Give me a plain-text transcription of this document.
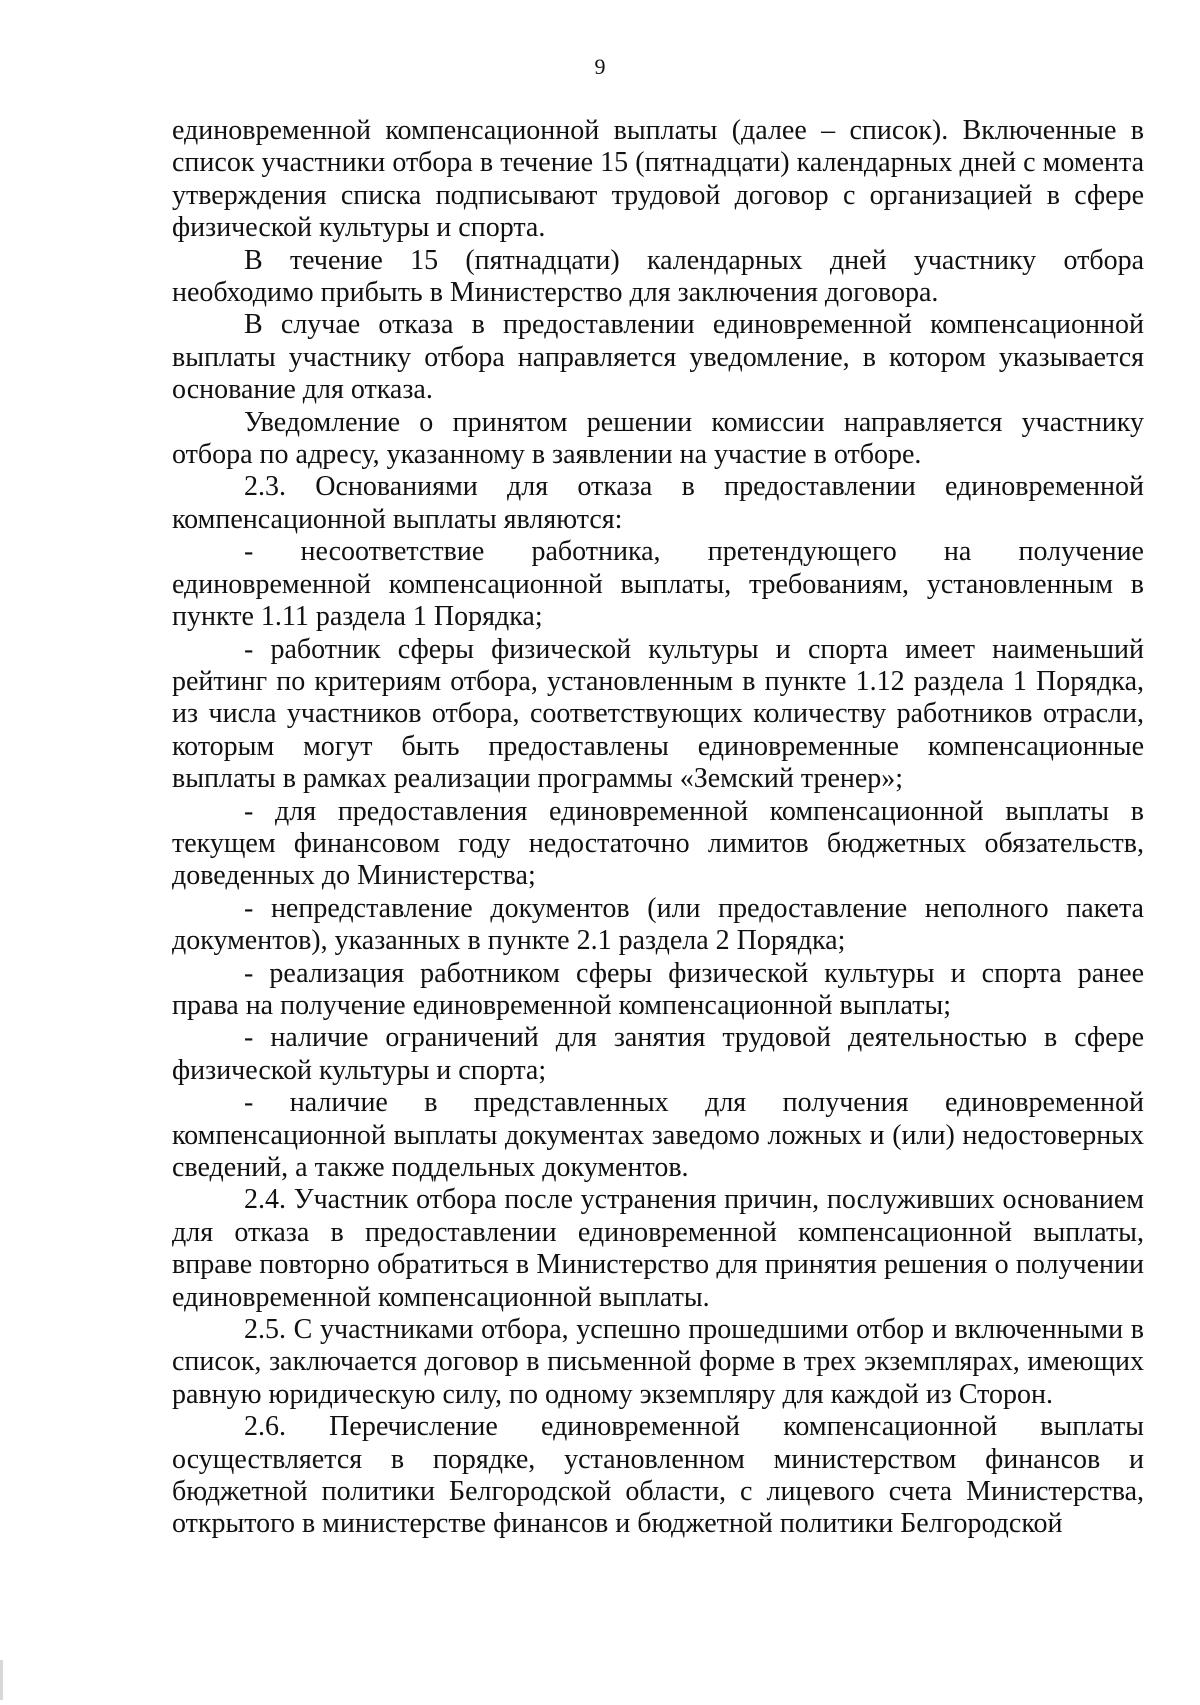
9

единовременной компенсационной выплаты (далее – список). Включенные в список участники отбора в течение 15 (пятнадцати) календарных дней с момента утверждения списка подписывают трудовой договор с организацией в сфере физической культуры и спорта.

В течение 15 (пятнадцати) календарных дней участнику отбора необходимо прибыть в Министерство для заключения договора.

В случае отказа в предоставлении единовременной компенсационной выплаты участнику отбора направляется уведомление, в котором указывается основание для отказа.

Уведомление о принятом решении комиссии направляется участнику отбора по адресу, указанному в заявлении на участие в отборе.

2.3. Основаниями для отказа в предоставлении единовременной компенсационной выплаты являются:

- несоответствие работника, претендующего на получение единовременной компенсационной выплаты, требованиям, установленным в пункте 1.11 раздела 1 Порядка;

- работник сферы физической культуры и спорта имеет наименьший рейтинг по критериям отбора, установленным в пункте 1.12 раздела 1 Порядка, из числа участников отбора, соответствующих количеству работников отрасли, которым могут быть предоставлены единовременные компенсационные выплаты в рамках реализации программы «Земский тренер»;

- для предоставления единовременной компенсационной выплаты в текущем финансовом году недостаточно лимитов бюджетных обязательств, доведенных до Министерства;

- непредставление документов (или предоставление неполного пакета документов), указанных в пункте 2.1 раздела 2 Порядка;

- реализация работником сферы физической культуры и спорта ранее права на получение единовременной компенсационной выплаты;

- наличие ограничений для занятия трудовой деятельностью в сфере физической культуры и спорта;

- наличие в представленных для получения единовременной компенсационной выплаты документах заведомо ложных и (или) недостоверных сведений, а также поддельных документов.

2.4. Участник отбора после устранения причин, послуживших основанием для отказа в предоставлении единовременной компенсационной выплаты, вправе повторно обратиться в Министерство для принятия решения о получении единовременной компенсационной выплаты.

2.5. С участниками отбора, успешно прошедшими отбор и включенными в список, заключается договор в письменной форме в трех экземплярах, имеющих равную юридическую силу, по одному экземпляру для каждой из Сторон.

2.6. Перечисление единовременной компенсационной выплаты осуществляется в порядке, установленном министерством финансов и бюджетной политики Белгородской области, с лицевого счета Министерства, открытого в министерстве финансов и бюджетной политики Белгородской
